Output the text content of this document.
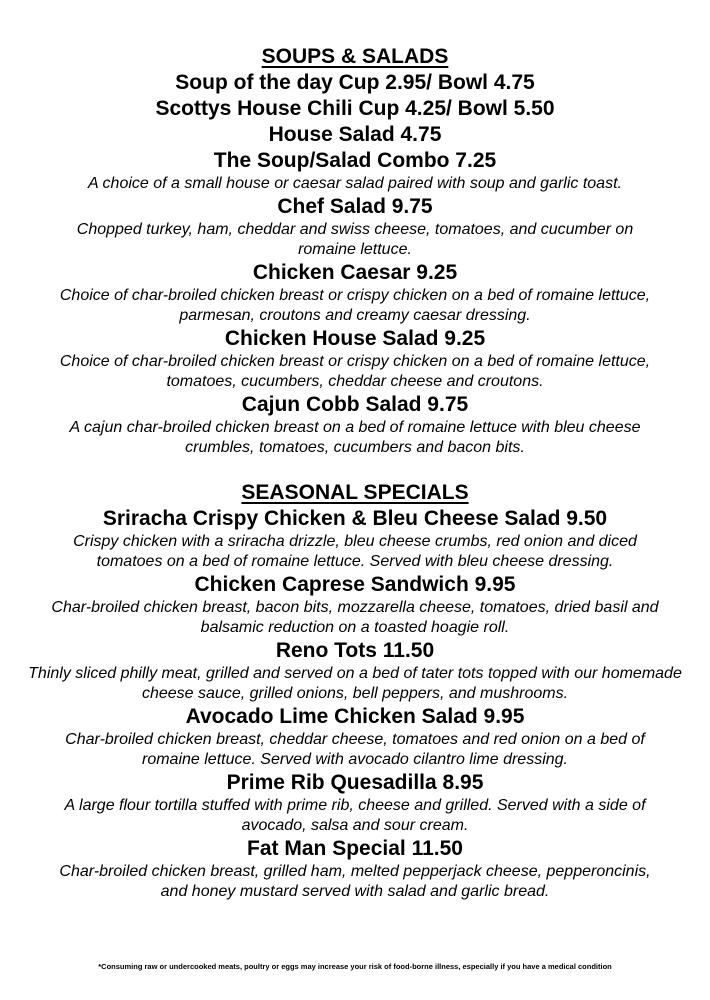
SOUPS & SALADS
Soup of the day Cup 2.95/ Bowl 4.75
Scottys House Chili Cup 4.25/ Bowl 5.50
House Salad 4.75
The Soup/Salad Combo 7.25
A choice of a small house or caesar salad paired with soup and garlic toast.
Chef Salad 9.75
Chopped turkey, ham, cheddar and swiss cheese, tomatoes, and cucumber on romaine lettuce.
Chicken Caesar 9.25
Choice of char-broiled chicken breast or crispy chicken on a bed of romaine lettuce, parmesan, croutons and creamy caesar dressing.
Chicken House Salad 9.25
Choice of char-broiled chicken breast or crispy chicken on a bed of romaine lettuce, tomatoes, cucumbers, cheddar cheese and croutons.
Cajun Cobb Salad 9.75
A cajun char-broiled chicken breast on a bed of romaine lettuce with bleu cheese crumbles, tomatoes, cucumbers and bacon bits.
SEASONAL SPECIALS
Sriracha Crispy Chicken & Bleu Cheese Salad 9.50
Crispy chicken with a sriracha drizzle, bleu cheese crumbs, red onion and diced tomatoes on a bed of romaine lettuce. Served with bleu cheese dressing.
Chicken Caprese Sandwich 9.95
Char-broiled chicken breast, bacon bits, mozzarella cheese, tomatoes, dried basil and balsamic reduction on a toasted hoagie roll.
Reno Tots 11.50
Thinly sliced philly meat, grilled and served on a bed of tater tots topped with our homemade cheese sauce, grilled onions, bell peppers, and mushrooms.
Avocado Lime Chicken Salad 9.95
Char-broiled chicken breast, cheddar cheese, tomatoes and red onion on a bed of romaine lettuce. Served with avocado cilantro lime dressing.
Prime Rib Quesadilla 8.95
A large flour tortilla stuffed with prime rib, cheese and grilled. Served with a side of avocado, salsa and sour cream.
Fat Man Special 11.50
Char-broiled chicken breast, grilled ham, melted pepperjack cheese, pepperoncinis, and honey mustard served with salad and garlic bread.
*Consuming raw or undercooked meats, poultry or eggs may increase your risk of food-borne illness, especially if you have a medical condition
